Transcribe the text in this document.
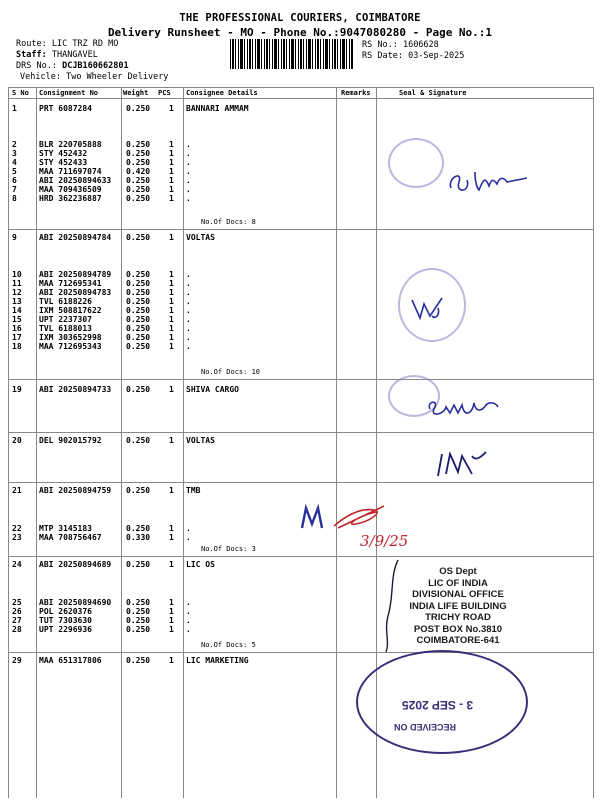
THE PROFESSIONAL COURIERS, COIMBATORE
Delivery Runsheet - MO - Phone No.:9047080280 - Page No.:1
Route: LIC TRZ RD MO
Staff: THANGAVEL
DRS No.: DCJB160662801
Vehicle: Two Wheeler Delivery
RS No.: 1606628
RS Date: 03-Sep-2025
S No Consignment No	Weight PCS Consignee Details	Remarks	Seal & Signature
1	PRT 6087284	0.250 1 BANNARI AMMAM
2	BLR 220705888	0.250 1 .
3	STY 452432	0.250 1 .
4	STY 452433	0.250 1 .
5	MAA 711697074	0.420 1 .
6	ABI 20250894633 0.250 1 .
7	MAA 709436509	0.250 1 .
8	HRD 362236887	0.250 1 .
9	ABI 20250894784 0.250 1 VOLTAS
10 ABI 20250894789 0.250 1 .
11 MAA 712695341	0.250 1 .
12 ABI 20250894783 0.250 1 .
13 TVL 6188226	0.250 1 .
14 IXM 508817622	0.250 1 .
15 UPT 2237307	0.250 1 .
16 TVL 6188013	0.250 1 .
17 IXM 303652998	0.250 1 .
18 MAA 712695343	0.250 1 .
19 ABI 20250894733 0.250 1 SHIVA CARGO
20 DEL 902015792	0.250 1 VOLTAS
21 ABI 20250894759 0.250 1 TMB
22 MTP 3145183	0.250 1 .
23 MAA 708756467	0.330 1 .
24 ABI 20250894689 0.250 1 LIC OS
25 ABI 20250894690 0.250 1 .
26 POL 2620376	0.250 1 .
27 TUT 7303630	0.250 1 .
28 UPT 2296936	0.250 1 .
29 MAA 651317806	0.250 1 LIC MARKETING
No.Of Docs: 8
No.Of Docs: 10
No.Of Docs: 3
No.Of Docs: 5
3/9/25
OS Dept
LIC OF INDIA
DIVISIONAL OFFICE
INDIA LIFE BUILDING
TRICHY ROAD
POST BOX No.3810
COIMBATORE-641
3 - SEP 2025
RECEIVED ON
